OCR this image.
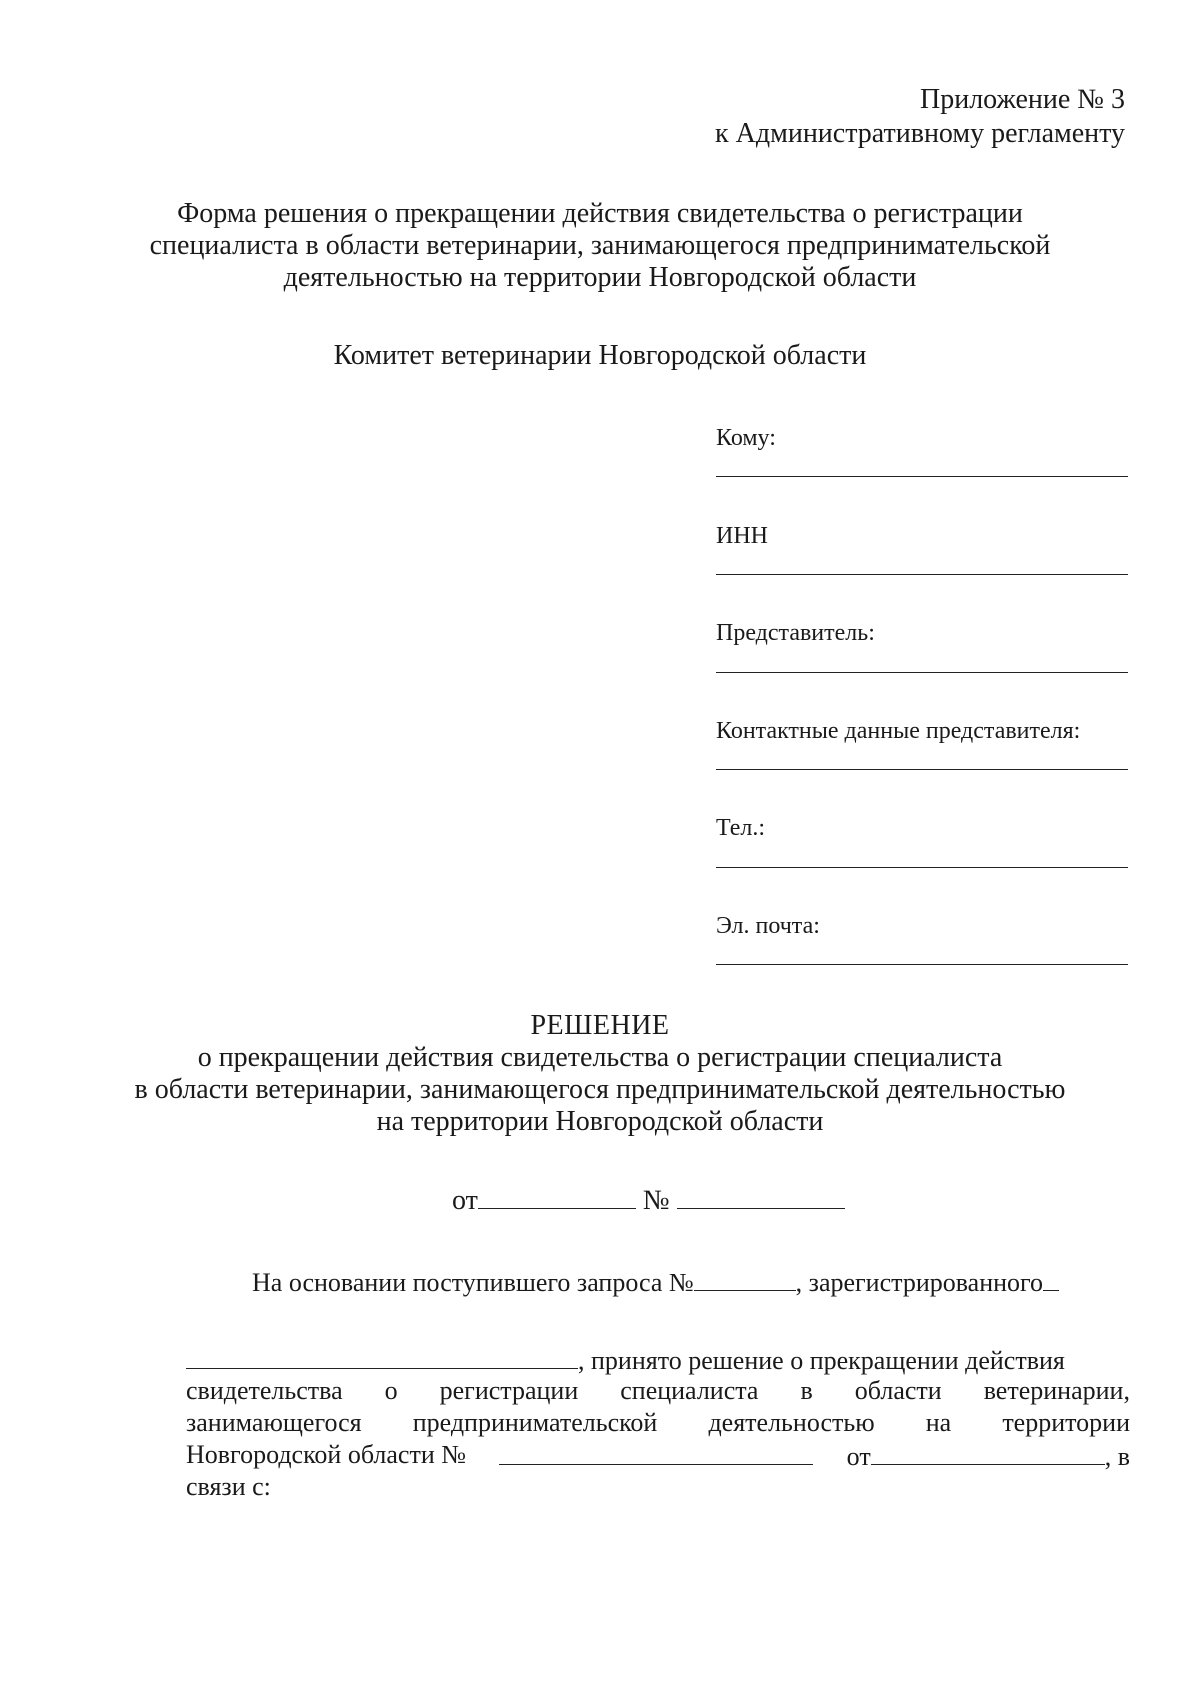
Приложение № 3
к Административному регламенту
Форма решения о прекращении действия свидетельства о регистрации
специалиста в области ветеринарии, занимающегося предпринимательской
деятельностью на территории Новгородской области
Комитет ветеринарии Новгородской области
Кому:
ИНН
Представитель:
Контактные данные представителя:
Тел.:
Эл. почта:
РЕШЕНИЕ
о прекращении действия свидетельства о регистрации специалиста
в области ветеринарии, занимающегося предпринимательской деятельностью
на территории Новгородской области
от	№
На основании поступившего запроса №	, зарегистрированного
, принято решение о прекращении действия
свидетельства о регистрации специалиста в области ветеринарии,
занимающегося предпринимательской деятельностью на территории
Новгородской области №	от	, в
связи с:
